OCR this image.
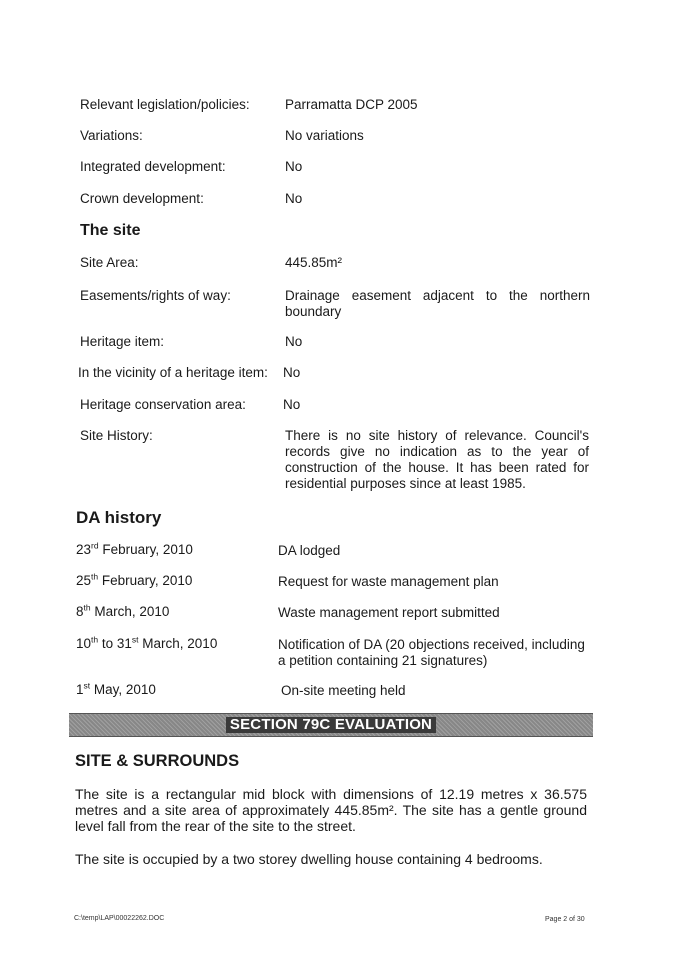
Relevant legislation/policies:	Parramatta DCP 2005
Variations:	No variations
Integrated development:	No
Crown development:	No
The site
Site Area:	445.85m²
Easements/rights of way:	Drainage easement adjacent to the northern boundary
Heritage item:	No
In the vicinity of a heritage item:	No
Heritage conservation area:	No
Site History:	There is no site history of relevance. Council's records give no indication as to the year of construction of the house. It has been rated for residential purposes since at least 1985.
DA history
23rd February, 2010	DA lodged
25th February, 2010	Request for waste management plan
8th March, 2010	Waste management report submitted
10th to 31st March, 2010	Notification of DA (20 objections received, including a petition containing 21 signatures)
1st May, 2010	On-site meeting held
SECTION 79C EVALUATION
SITE & SURROUNDS
The site is a rectangular mid block with dimensions of 12.19 metres x 36.575 metres and a site area of approximately 445.85m². The site has a gentle ground level fall from the rear of the site to the street.
The site is occupied by a two storey dwelling house containing 4 bedrooms.
C:\temp\LAP\00022262.DOC	Page 2 of 30
